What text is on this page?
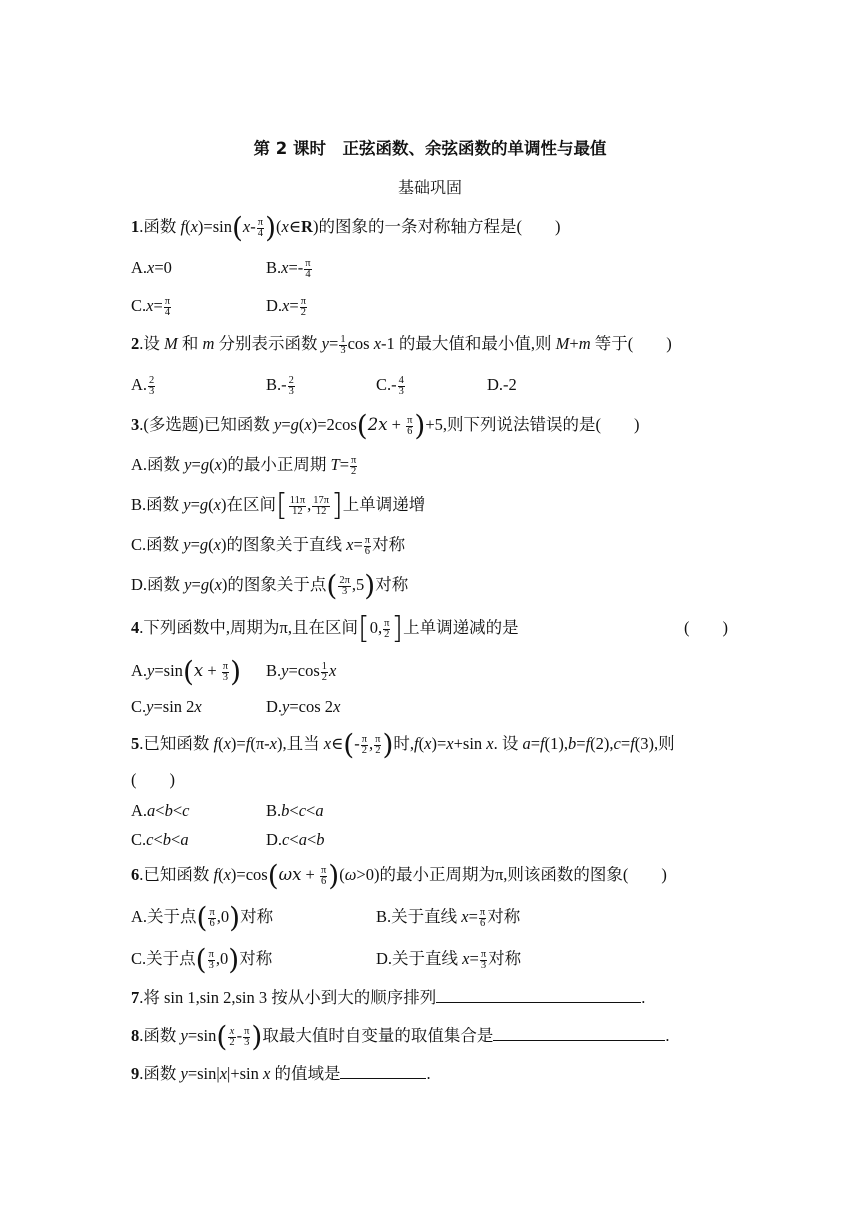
第 2 课时　正弦函数、余弦函数的单调性与最值
基础巩固
1.函数 $f(x)=\sin(x- \frac{\pi}{4}$ )(x∈R)的图象的一条对称轴方程是(　　)
A.x=0	$B.x=- \frac{\pi}{4}$
$C.x= \frac{\pi}{4}$	$D.x= \frac{\pi}{2}$
2.设 M 和 m 分别表示函数 $y= \frac{1}{3}$ cos x-1 的最大值和最小值,则 M+m 等于(　　)
A. $\frac{2}{3}$	$B.- \frac{2}{3}$	$C.- \frac{4}{3}$	D.-2
3.(多选题)已知函数 $y=g(x)=2\cos(2x + \frac{\pi}{6} )+5$,则下列说法错误的是(　　)
A.函数 y=g(x)的最小正周期 $T= \frac{\pi}{2}$
B.函数 y=g(x)在区间[ $\frac{11\pi}{12}$ , $\frac{17\pi}{12}$ ]上单调递增
C.函数 y=g(x)的图象关于直线 $x= \frac{\pi}{6}$ 对称
D.函数 y=g(x)的图象关于点( $\frac{2\pi}{3} ,5$)对称
4.下列函数中,周期为π,且在区间[0, $\frac{\pi}{2}$ ]上单调递减的是	(　　)
$A.y=\sin(x + \frac{\pi}{3}$ ) $B.y=\cos \frac{1}{2}$ x
C.y=sin 2x	D.y=cos 2x
5.已知函数 f(x)=f(π-x),且当 x∈(- $\frac{\pi}{2}$ , $\frac{\pi}{2}$ )时,f(x)=x+sin x. 设 a=f(1),b=f(2),c=f(3),则
(　　)
A.a<b<c	B.b<c<a
C.c<b<a	D.c<a<b
6.已知函数 $f(x)=\cos(\omega x + \frac{\pi}{6} )(\omega>0)$的最小正周期为π,则该函数的图象(　　)
A.关于点( $\frac{\pi}{6} ,0$)对称	B.关于直线 $x= \frac{\pi}{6}$ 对称
C.关于点( $\frac{\pi}{3} ,0$)对称	D.关于直线 $x= \frac{\pi}{3}$ 对称
7.将 sin 1,sin 2,sin 3 按从小到大的顺序排列	.
8.函数 $y=\sin( \frac{x}{2} - \frac{\pi}{3}$ )取最大值时自变量的取值集合是	.
9.函数 y=sin|x|+sin x 的值域是	.
